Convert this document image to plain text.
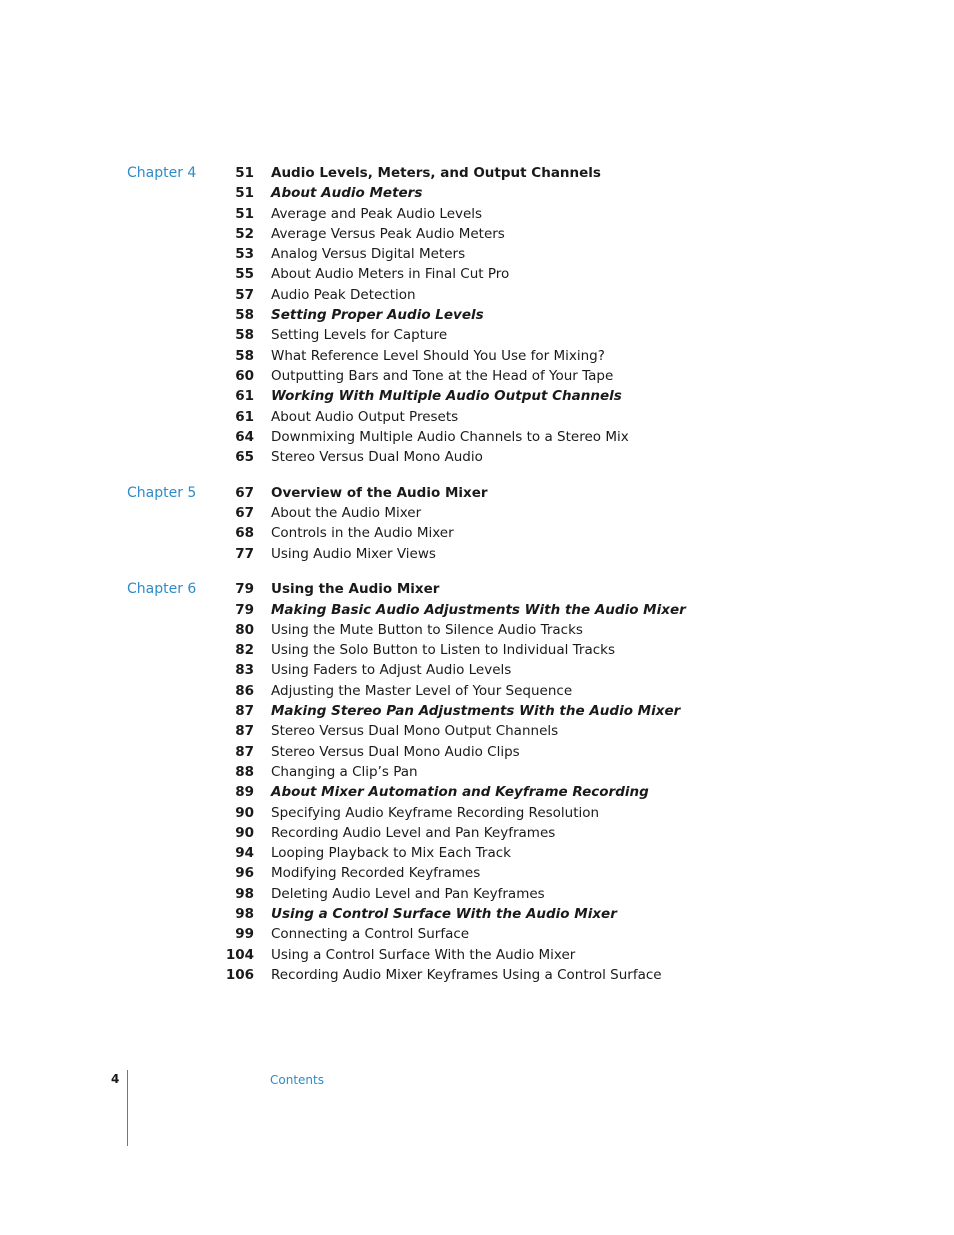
Chapter 4	51 Audio Levels, Meters, and Output Channels
51 About Audio Meters
51 Average and Peak Audio Levels
52 Average Versus Peak Audio Meters
53 Analog Versus Digital Meters
55 About Audio Meters in Final Cut Pro
57 Audio Peak Detection
58 Setting Proper Audio Levels
58 Setting Levels for Capture
58 What Reference Level Should You Use for Mixing?
60 Outputting Bars and Tone at the Head of Your Tape
61 Working With Multiple Audio Output Channels
61 About Audio Output Presets
64 Downmixing Multiple Audio Channels to a Stereo Mix
65 Stereo Versus Dual Mono Audio
Chapter 5	67 Overview of the Audio Mixer
67 About the Audio Mixer
68 Controls in the Audio Mixer
77 Using Audio Mixer Views
Chapter 6	79 Using the Audio Mixer
79 Making Basic Audio Adjustments With the Audio Mixer
80 Using the Mute Button to Silence Audio Tracks
82 Using the Solo Button to Listen to Individual Tracks
83 Using Faders to Adjust Audio Levels
86 Adjusting the Master Level of Your Sequence
87 Making Stereo Pan Adjustments With the Audio Mixer
87 Stereo Versus Dual Mono Output Channels
87 Stereo Versus Dual Mono Audio Clips
88 Changing a Clip’s Pan
89 About Mixer Automation and Keyframe Recording
90 Specifying Audio Keyframe Recording Resolution
90 Recording Audio Level and Pan Keyframes
94 Looping Playback to Mix Each Track
96 Modifying Recorded Keyframes
98 Deleting Audio Level and Pan Keyframes
98 Using a Control Surface With the Audio Mixer
99 Connecting a Control Surface
104 Using a Control Surface With the Audio Mixer
106 Recording Audio Mixer Keyframes Using a Control Surface
4	Contents
